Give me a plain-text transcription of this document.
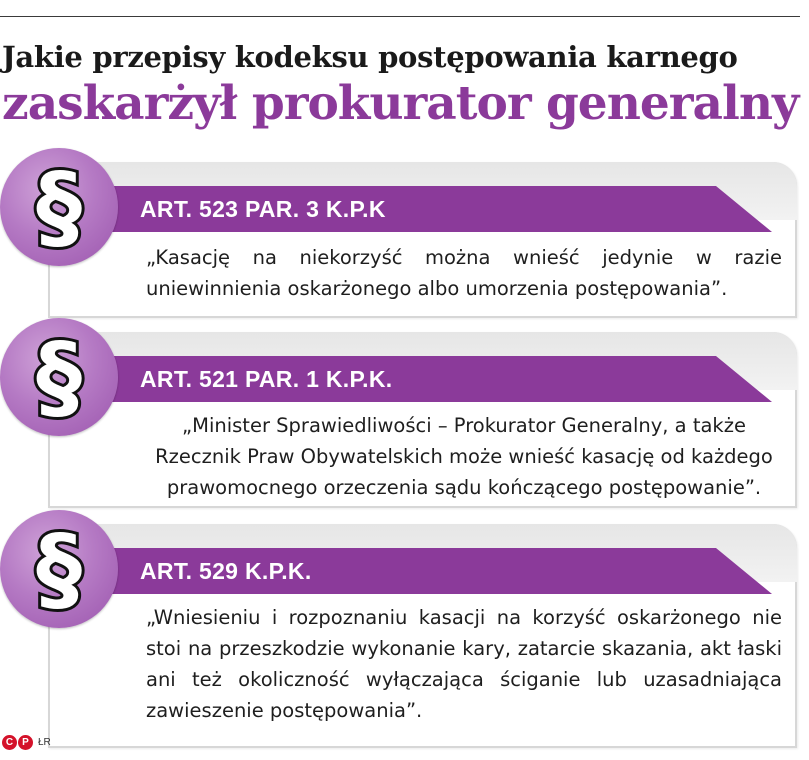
Jakie przepisy kodeksu postępowania karnego
zaskarżył prokurator generalny
ART. 523 PAR. 3 K.P.K
§	„Kasację na niekorzyść można wnieść jedynie w razie uniewinnienia oskarżonego albo umorzenia postępowania”.

ART. 521 PAR. 1 K.P.K.
§	„Minister Sprawiedliwości – Prokurator Generalny, a także Rzecznik Praw Obywatelskich może wnieść kasację od każdego prawomocnego orzeczenia sądu kończącego postępowanie”.

ART. 529 K.P.K.
§	„Wniesieniu i rozpoznaniu kasacji na korzyść oskarżonego nie stoi na przeszkodzie wykonanie kary, zatarcie skazania, akt łaski ani też okoliczność wyłączająca ściganie lub uzasadniająca zawieszenie postępowania”.

C P ŁR
